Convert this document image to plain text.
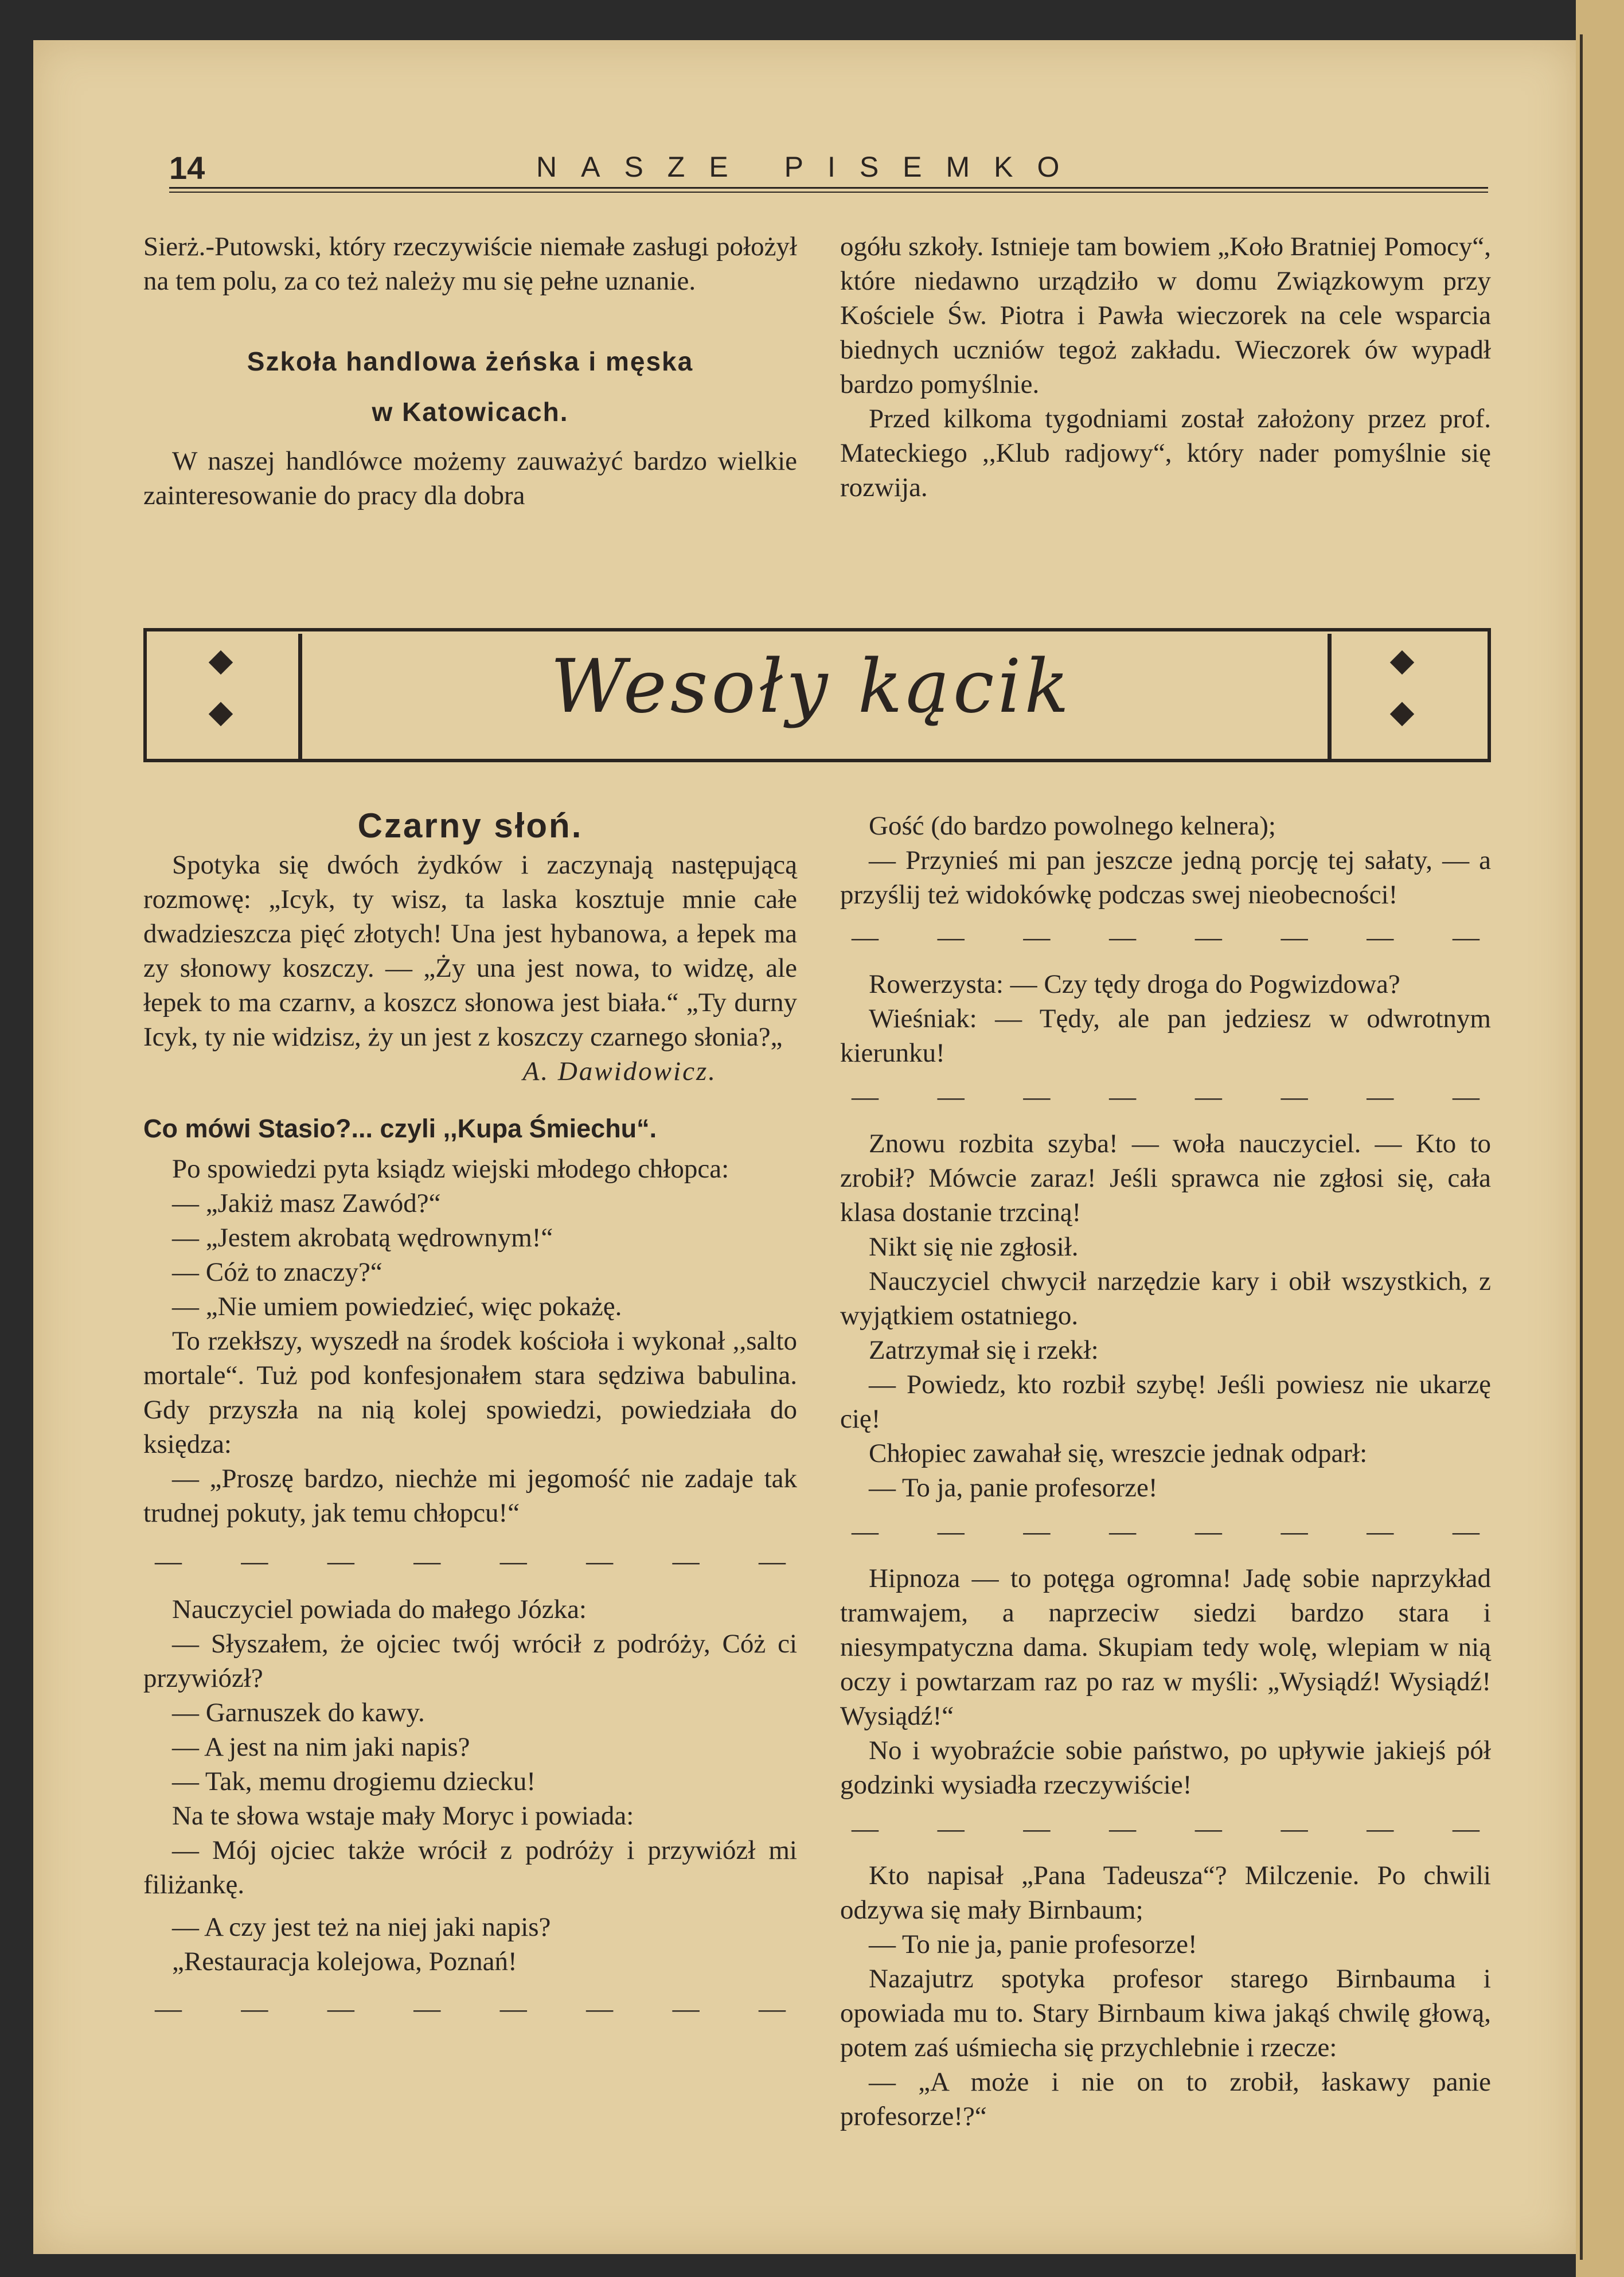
14	NASZE PISEMKO

Sierż.-Putowski, który rzeczywiście niemałe zasługi położył na tem polu, za co też należy mu się pełne uznanie.

Szkoła handlowa żeńska i męska

w Katowicach.

W naszej handlówce możemy zauważyć bardzo wielkie zainteresowanie do pracy dla dobra

ogółu szkoły. Istnieje tam bowiem „Koło Bratniej Pomocy“, które niedawno urządziło w domu Związkowym przy Kościele Św. Piotra i Pawła wieczorek na cele wsparcia biednych uczniów tegoż zakładu. Wieczorek ów wypadł bardzo pomyślnie.

Przed kilkoma tygodniami został założony przez prof. Mateckiego ,,Klub radjowy“, który nader pomyślnie się rozwija.

Wesoły kącik

Czarny słoń.

Spotyka się dwóch żydków i zaczynają następującą rozmowę: „Icyk, ty wisz, ta laska kosztuje mnie całe dwadzieszcza pięć złotych! Una jest hybanowa, a łepek ma zy słonowy koszczy. — „Ży una jest nowa, to widzę, ale łepek to ma czarnv, a koszcz słonowa jest biała.“ „Ty durny Icyk, ty nie widzisz, ży un jest z koszczy czarnego słonia?„

A. Dawidowicz.

Co mówi Stasio?... czyli ,,Kupa Śmiechu“.

Po spowiedzi pyta ksiądz wiejski młodego chłopca:

— „Jakiż masz Zawód?“

— „Jestem akrobatą wędrownym!“

— Cóż to znaczy?“

— „Nie umiem powiedzieć, więc pokażę.

To rzekłszy, wyszedł na środek kościoła i wykonał ,,salto mortale“. Tuż pod konfesjonałem stara sędziwa babulina. Gdy przyszła na nią kolej spowiedzi, powiedziała do księdza:

— „Proszę bardzo, niechże mi jegomość nie zadaje tak trudnej pokuty, jak temu chłopcu!“

— — — — — — — —

Nauczyciel powiada do małego Józka:

— Słyszałem, że ojciec twój wrócił z podróży, Cóż ci przywiózł?

— Garnuszek do kawy.

— A jest na nim jaki napis?

— Tak, memu drogiemu dziecku!

Na te słowa wstaje mały Moryc i powiada:

— Mój ojciec także wrócił z podróży i przywiózł mi filiżankę.

— A czy jest też na niej jaki napis?

„Restauracja kolejowa, Poznań!

— — — — — — — —

Gość (do bardzo powolnego kelnera);

— Przynieś mi pan jeszcze jedną porcję tej sałaty, — a przyślij też widokówkę podczas swej nieobecności!

— — — — — — — —

Rowerzysta: — Czy tędy droga do Pogwizdowa?

Wieśniak: — Tędy, ale pan jedziesz w odwrotnym kierunku!

— — — — — — — —

Znowu rozbita szyba! — woła nauczyciel. — Kto to zrobił? Mówcie zaraz! Jeśli sprawca nie zgłosi się, cała klasa dostanie trzciną!

Nikt się nie zgłosił.

Nauczyciel chwycił narzędzie kary i obił wszystkich, z wyjątkiem ostatniego.

Zatrzymał się i rzekł:

— Powiedz, kto rozbił szybę! Jeśli powiesz nie ukarzę cię!

Chłopiec zawahał się, wreszcie jednak odparł:

— To ja, panie profesorze!

— — — — — — — —

Hipnoza — to potęga ogromna! Jadę sobie naprzykład tramwajem, a naprzeciw siedzi bardzo stara i niesympatyczna dama. Skupiam tedy wolę, wlepiam w nią oczy i powtarzam raz po raz w myśli: „Wysiądź! Wysiądź! Wysiądź!“

No i wyobraźcie sobie państwo, po upływie jakiejś pół godzinki wysiadła rzeczywiście!

— — — — — — — —

Kto napisał „Pana Tadeusza“? Milczenie. Po chwili odzywa się mały Birnbaum;

— To nie ja, panie profesorze!

Nazajutrz spotyka profesor starego Birnbauma i opowiada mu to. Stary Birnbaum kiwa jakąś chwilę głową, potem zaś uśmiecha się przychlebnie i rzecze:

— „A może i nie on to zrobił, łaskawy panie profesorze!?“
